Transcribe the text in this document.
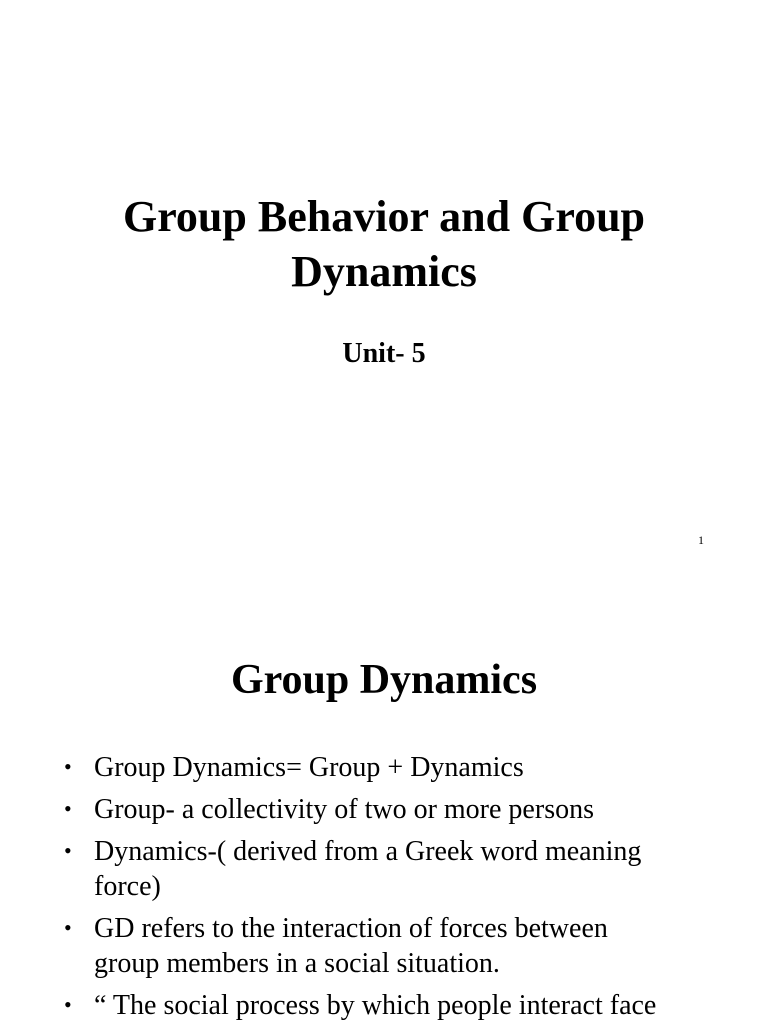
Group Behavior and Group
Dynamics
Unit- 5
1
Group Dynamics
• Group Dynamics= Group + Dynamics
• Group- a collectivity of two or more persons
• Dynamics-( derived from a Greek word meaning
force)
• GD refers to the interaction of forces between
group members in a social situation.
• “ The social process by which people interact face
